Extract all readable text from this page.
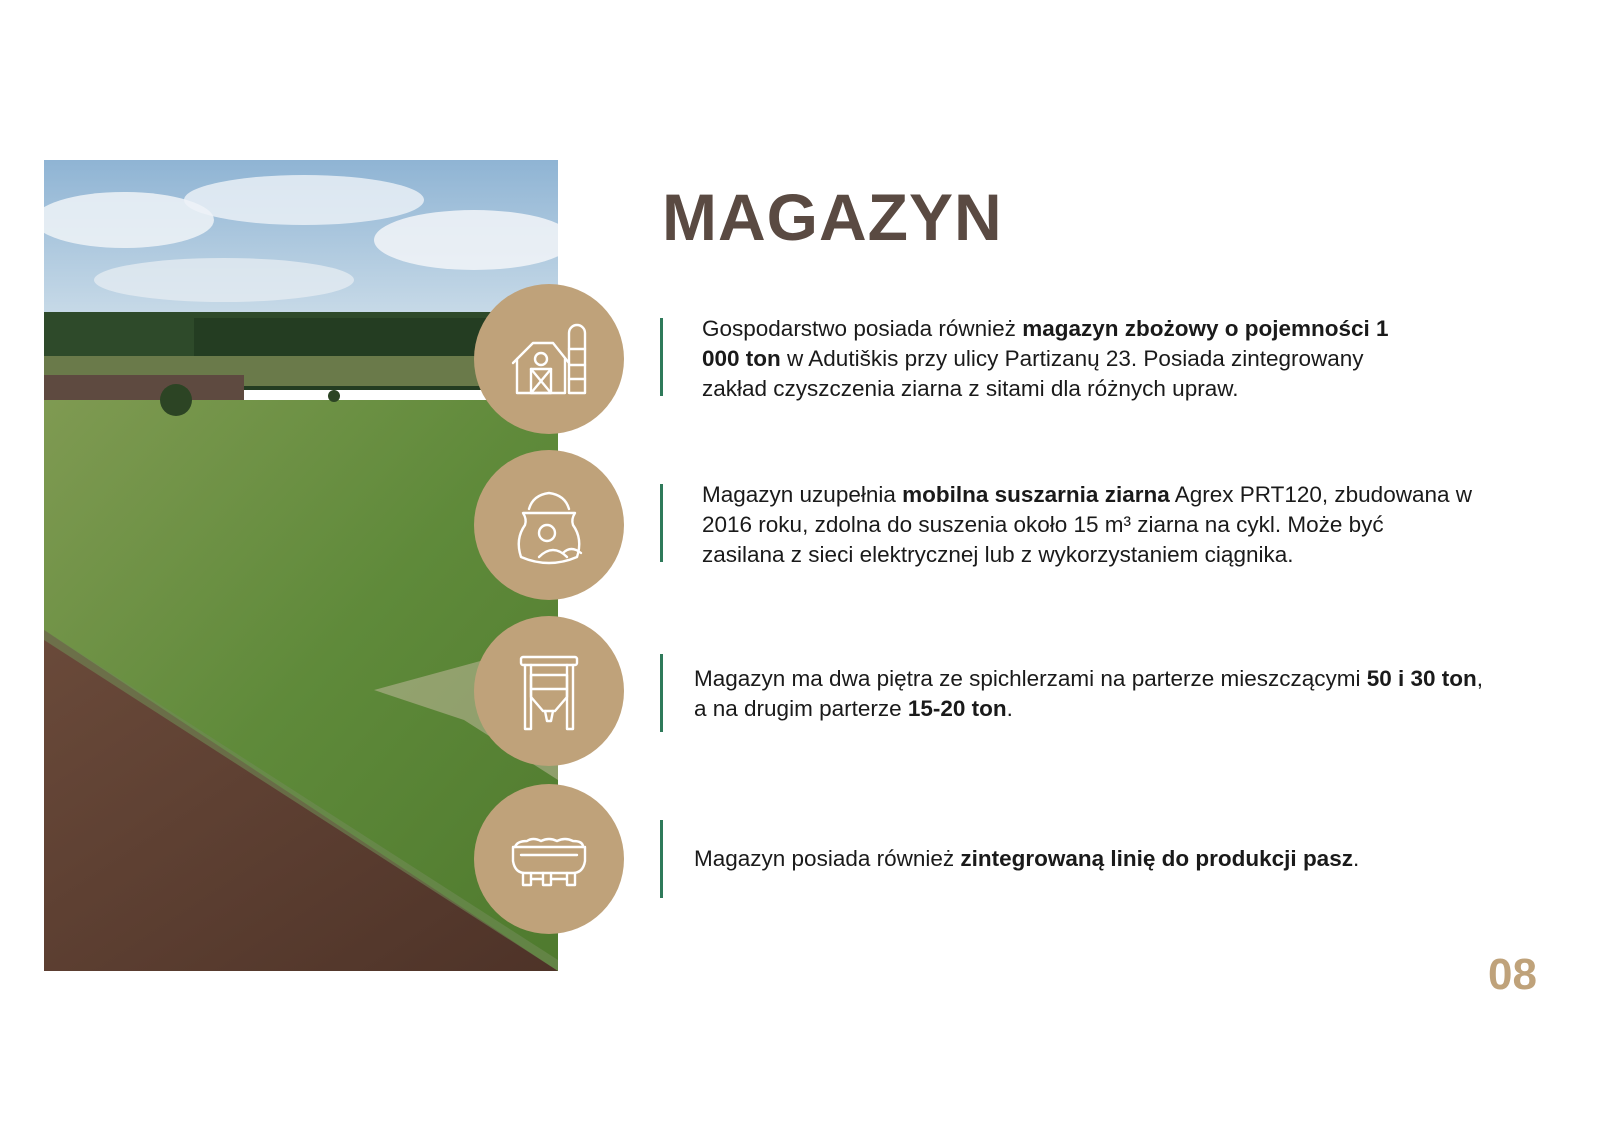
MAGAZYN
Gospodarstwo posiada również magazyn zbożowy o pojemności 1 000 ton w Adutiškis przy ulicy Partizanų 23. Posiada zintegrowany zakład czyszczenia ziarna z sitami dla różnych upraw.
Magazyn uzupełnia mobilna suszarnia ziarna Agrex PRT120, zbudowana w 2016 roku, zdolna do suszenia około 15 m³ ziarna na cykl. Może być zasilana z sieci elektrycznej lub z wykorzystaniem ciągnika.
Magazyn ma dwa piętra ze spichlerzami na parterze mieszczącymi 50 i 30 ton, a na drugim parterze 15-20 ton.
Magazyn posiada również zintegrowaną linię do produkcji pasz.
08
